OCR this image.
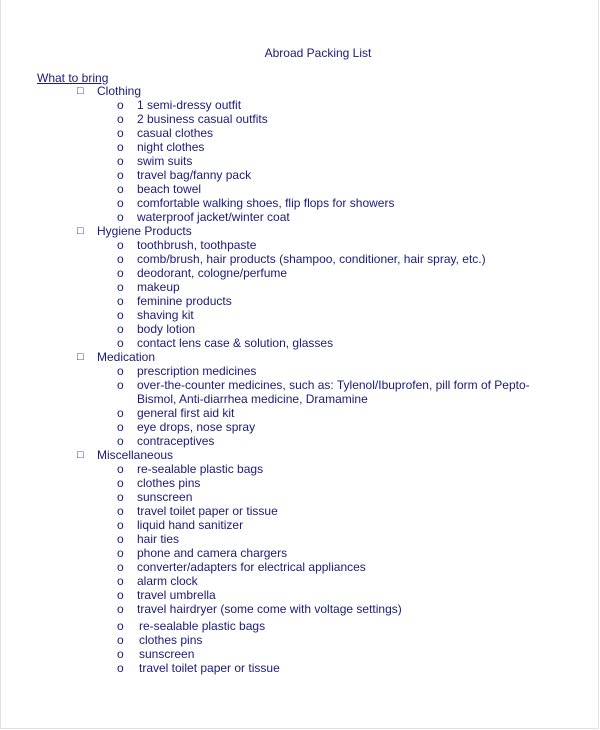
Abroad Packing List
What to bring
□ Clothing
o 1 semi-dressy outfit
o 2 business casual outfits
o casual clothes
o night clothes
o swim suits
o travel bag/fanny pack
o beach towel
o comfortable walking shoes, flip flops for showers
o waterproof jacket/winter coat
□ Hygiene Products
o toothbrush, toothpaste
o comb/brush, hair products (shampoo, conditioner, hair spray, etc.)
o deodorant, cologne/perfume
o makeup
o feminine products
o shaving kit
o body lotion
o contact lens case & solution, glasses
□ Medication
o prescription medicines
o over-the-counter medicines, such as: Tylenol/Ibuprofen, pill form of Pepto-Bismol, Anti-diarrhea medicine, Dramamine
o general first aid kit
o eye drops, nose spray
o contraceptives
□ Miscellaneous
o re-sealable plastic bags
o clothes pins
o sunscreen
o travel toilet paper or tissue
o liquid hand sanitizer
o hair ties
o phone and camera chargers
o converter/adapters for electrical appliances
o alarm clock
o travel umbrella
o travel hairdryer (some come with voltage settings)
o re-sealable plastic bags
o clothes pins
o sunscreen
o travel toilet paper or tissue
